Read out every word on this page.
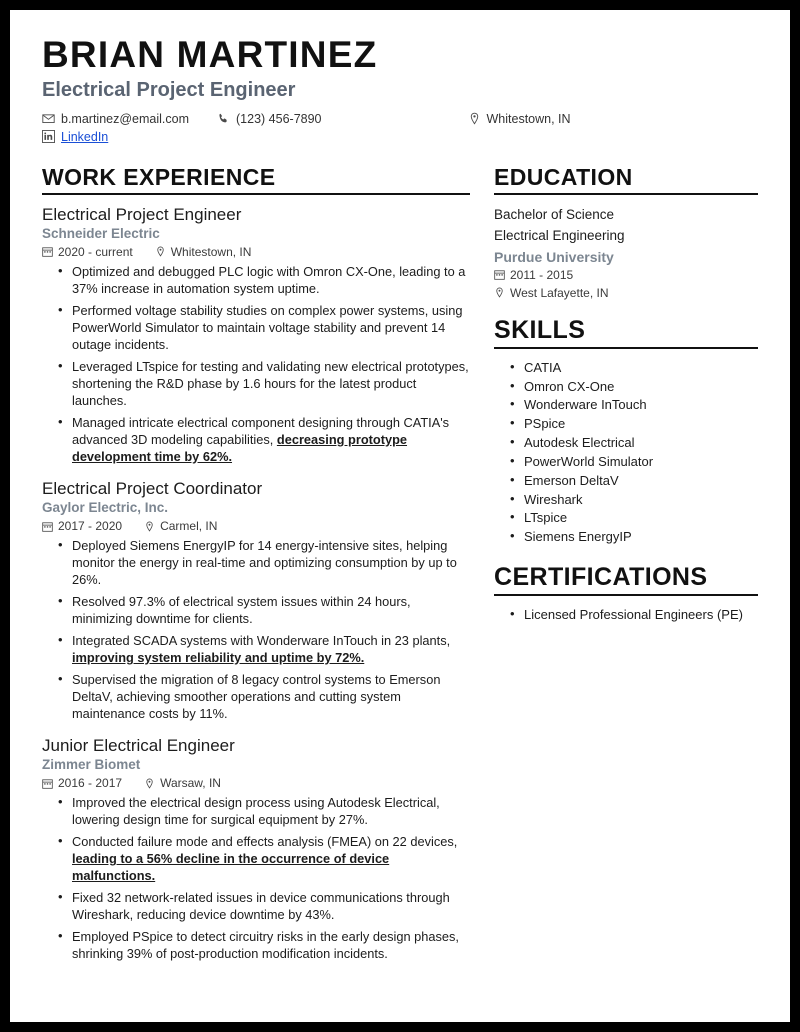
BRIAN MARTINEZ
Electrical Project Engineer
b.martinez@email.com	(123) 456-7890	Whitestown, IN
LinkedIn
WORK EXPERIENCE
Electrical Project Engineer
Schneider Electric
2020 - current	Whitestown, IN
• Optimized and debugged PLC logic with Omron CX-One, leading to a 37% increase in automation system uptime.
• Performed voltage stability studies on complex power systems, using PowerWorld Simulator to maintain voltage stability and prevent 14 outage incidents.
• Leveraged LTspice for testing and validating new electrical prototypes, shortening the R&D phase by 1.6 hours for the latest product launches.
• Managed intricate electrical component designing through CATIA's advanced 3D modeling capabilities, decreasing prototype development time by 62%.
Electrical Project Coordinator
Gaylor Electric, Inc.
2017 - 2020	Carmel, IN
• Deployed Siemens EnergyIP for 14 energy-intensive sites, helping monitor the energy in real-time and optimizing consumption by up to 26%.
• Resolved 97.3% of electrical system issues within 24 hours, minimizing downtime for clients.
• Integrated SCADA systems with Wonderware InTouch in 23 plants, improving system reliability and uptime by 72%.
• Supervised the migration of 8 legacy control systems to Emerson DeltaV, achieving smoother operations and cutting system maintenance costs by 11%.
Junior Electrical Engineer
Zimmer Biomet
2016 - 2017	Warsaw, IN
• Improved the electrical design process using Autodesk Electrical, lowering design time for surgical equipment by 27%.
• Conducted failure mode and effects analysis (FMEA) on 22 devices, leading to a 56% decline in the occurrence of device malfunctions.
• Fixed 32 network-related issues in device communications through Wireshark, reducing device downtime by 43%.
• Employed PSpice to detect circuitry risks in the early design phases, shrinking 39% of post-production modification incidents.
EDUCATION
Bachelor of Science
Electrical Engineering
Purdue University
2011 - 2015
West Lafayette, IN
SKILLS
• CATIA
• Omron CX-One
• Wonderware InTouch
• PSpice
• Autodesk Electrical
• PowerWorld Simulator
• Emerson DeltaV
• Wireshark
• LTspice
• Siemens EnergyIP
CERTIFICATIONS
• Licensed Professional Engineers (PE)
